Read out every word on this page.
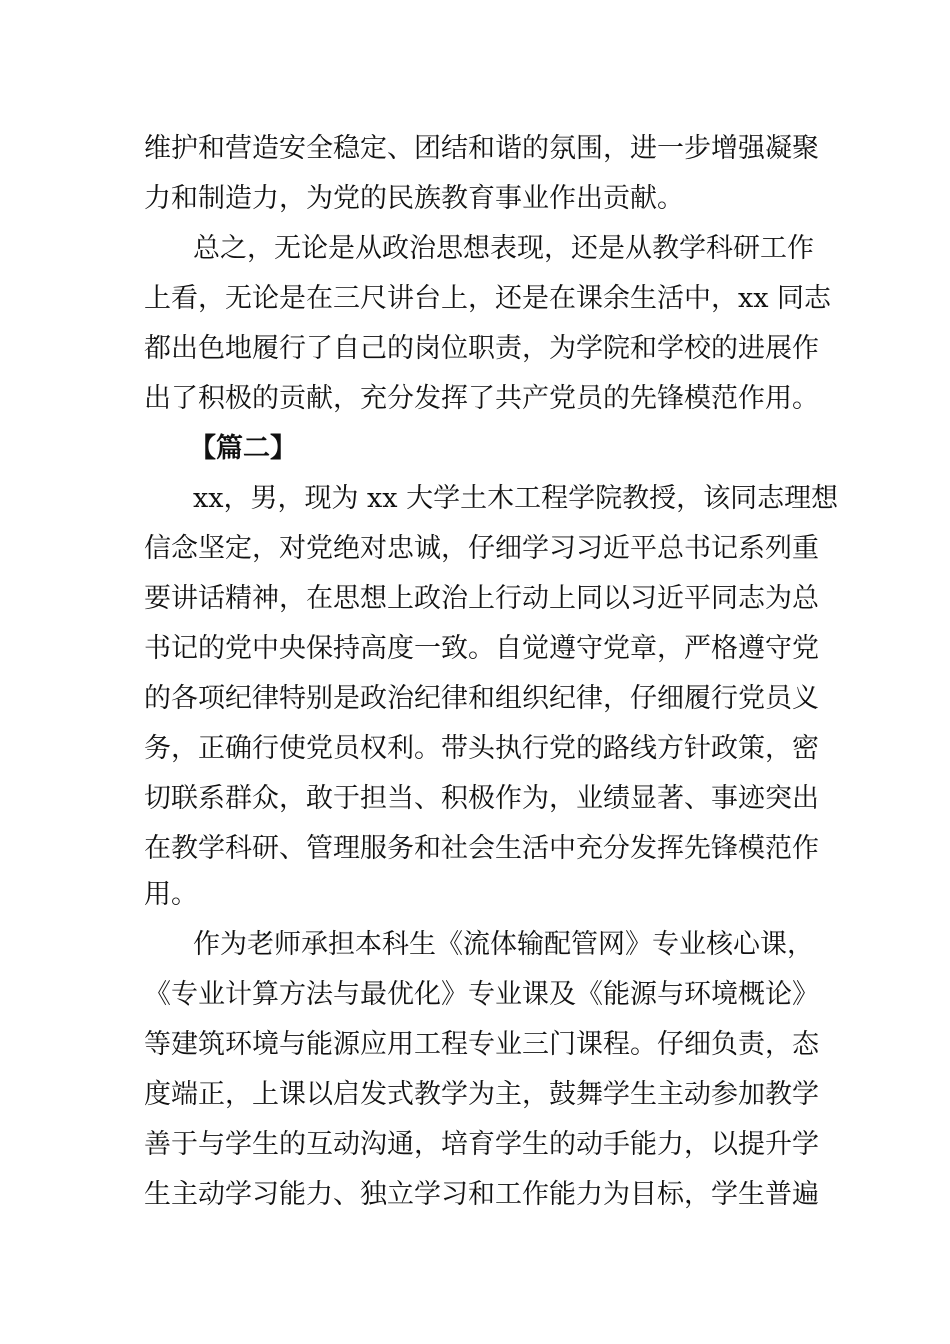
维护和营造安全稳定、团结和谐的氛围，进一步增强凝聚
力和制造力，为党的民族教育事业作出贡献。
总之，无论是从政治思想表现，还是从教学科研工作
上看，无论是在三尺讲台上，还是在课余生活中，xx 同志
都出色地履行了自己的岗位职责，为学院和学校的进展作
出了积极的贡献，充分发挥了共产党员的先锋模范作用。
【篇二】
xx，男，现为 xx 大学土木工程学院教授，该同志理想
信念坚定，对党绝对忠诚，仔细学习习近平总书记系列重
要讲话精神，在思想上政治上行动上同以习近平同志为总
书记的党中央保持高度一致。自觉遵守党章，严格遵守党
的各项纪律特别是政治纪律和组织纪律，仔细履行党员义
务，正确行使党员权利。带头执行党的路线方针政策，密
切联系群众，敢于担当、积极作为，业绩显著、事迹突出
在教学科研、管理服务和社会生活中充分发挥先锋模范作
用。
作为老师承担本科生《流体输配管网》专业核心课，
《专业计算方法与最优化》专业课及《能源与环境概论》
等建筑环境与能源应用工程专业三门课程。仔细负责，态
度端正，上课以启发式教学为主，鼓舞学生主动参加教学
善于与学生的互动沟通，培育学生的动手能力，以提升学
生主动学习能力、独立学习和工作能力为目标，学生普遍
